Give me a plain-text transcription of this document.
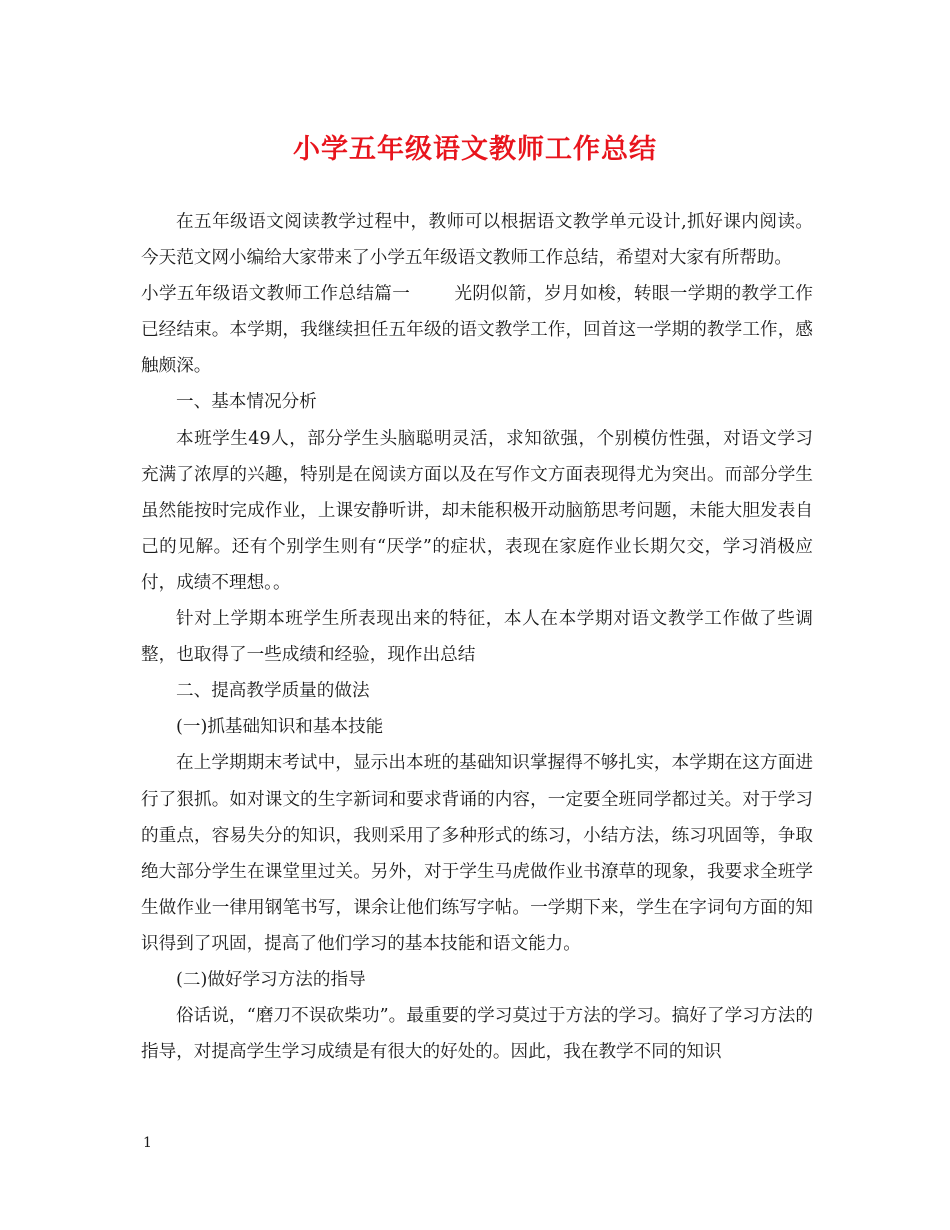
小学五年级语文教师工作总结

在五年级语文阅读教学过程中，教师可以根据语文教学单元设计,抓好课内阅读。今天范文网小编给大家带来了小学五年级语文教师工作总结，希望对大家有所帮助。

小学五年级语文教师工作总结篇一	光阴似箭，岁月如梭，转眼一学期的教学工作已经结束。本学期，我继续担任五年级的语文教学工作，回首这一学期的教学工作，感触颇深。

一、基本情况分析

本班学生49人，部分学生头脑聪明灵活，求知欲强，个别模仿性强，对语文学习充满了浓厚的兴趣，特别是在阅读方面以及在写作文方面表现得尤为突出。而部分学生虽然能按时完成作业，上课安静听讲，却未能积极开动脑筋思考问题，未能大胆发表自己的见解。还有个别学生则有“厌学”的症状，表现在家庭作业长期欠交，学习消极应付，成绩不理想。。

针对上学期本班学生所表现出来的特征，本人在本学期对语文教学工作做了些调整，也取得了一些成绩和经验，现作出总结

二、提高教学质量的做法

(一)抓基础知识和基本技能

在上学期期末考试中，显示出本班的基础知识掌握得不够扎实，本学期在这方面进行了狠抓。如对课文的生字新词和要求背诵的内容，一定要全班同学都过关。对于学习的重点，容易失分的知识，我则采用了多种形式的练习，小结方法，练习巩固等，争取绝大部分学生在课堂里过关。另外，对于学生马虎做作业书潦草的现象，我要求全班学生做作业一律用钢笔书写，课余让他们练写字帖。一学期下来，学生在字词句方面的知识得到了巩固，提高了他们学习的基本技能和语文能力。

(二)做好学习方法的指导

俗话说，“磨刀不误砍柴功”。最重要的学习莫过于方法的学习。搞好了学习方法的指导，对提高学生学习成绩是有很大的好处的。因此，我在教学不同的知识

1
